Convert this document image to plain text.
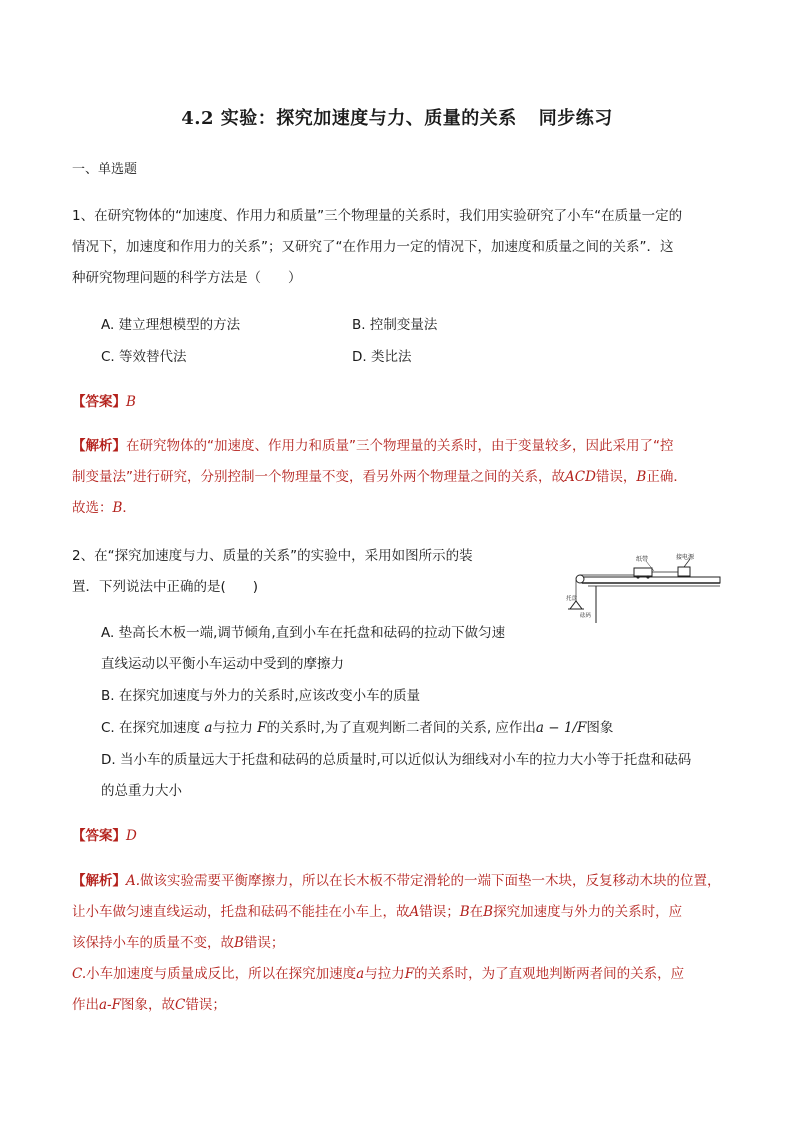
4.2 实验：探究加速度与力、质量的关系 同步练习
一、单选题
1、在研究物体的“加速度、作用力和质量”三个物理量的关系时，我们用实验研究了小车“在质量一定的
情况下，加速度和作用力的关系”；又研究了“在作用力一定的情况下，加速度和质量之间的关系”．这
种研究物理问题的科学方法是（　　）
A. 建立理想模型的方法	B. 控制变量法
C. 等效替代法	D. 类比法
【答案】B
【解析】在研究物体的“加速度、作用力和质量”三个物理量的关系时，由于变量较多，因此采用了“控
制变量法”进行研究，分别控制一个物理量不变，看另外两个物理量之间的关系，故ACD错误，B正确．
故选：B．
2、在“探究加速度与力、质量的关系”的实验中，采用如图所示的装
置．下列说法中正确的是(　　)
纸带	接电源
托盘
砝码
A. 垫高长木板一端,调节倾角,直到小车在托盘和砝码的拉动下做匀速
直线运动以平衡小车运动中受到的摩擦力
B. 在探究加速度与外力的关系时,应该改变小车的质量
C. 在探究加速度 a与拉力 F的关系时,为了直观判断二者间的关系, 应作出a − 1/F图象
D. 当小车的质量远大于托盘和砝码的总质量时,可以近似认为细线对小车的拉力大小等于托盘和砝码
的总重力大小
【答案】D
【解析】A.做该实验需要平衡摩擦力，所以在长木板不带定滑轮的一端下面垫一木块，反复移动木块的位置，
让小车做匀速直线运动，托盘和砝码不能挂在小车上，故A错误；B在B探究加速度与外力的关系时，应
该保持小车的质量不变，故B错误；
C.小车加速度与质量成反比，所以在探究加速度a与拉力F的关系时，为了直观地判断两者间的关系，应
作出a-F图象，故C错误；
